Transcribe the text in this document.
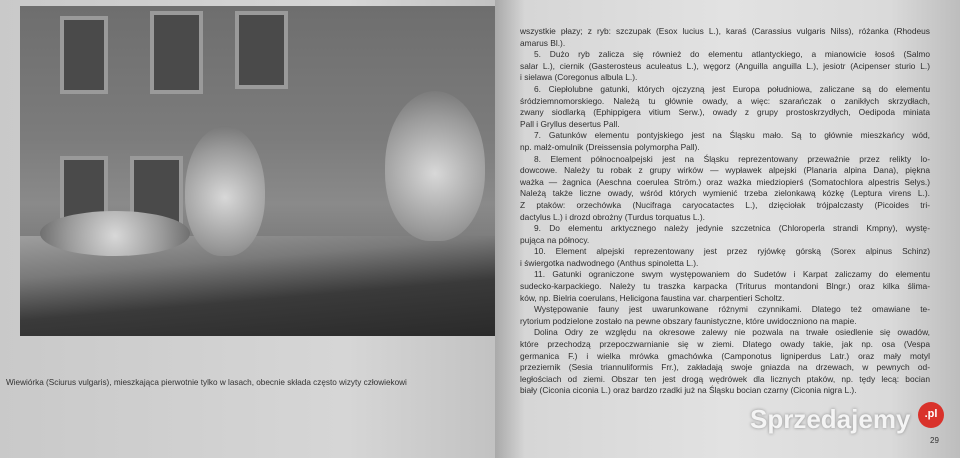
Wiewiórka (Sciurus vulgaris), mieszkająca pierwotnie tylko w lasach, obecnie składa często wizyty człowiekowi
wszystkie płazy; z ryb: szczupak (Esox lucius L.), karaś (Carassius vulgaris Nilss), różanka (Rhodeus
amarus Bl.).
5. Dużo ryb zalicza się również do elementu atlantyckiego, a mianowicie łosoś (Salmo
salar L.), ciernik (Gasterosteus aculeatus L.), węgorz (Anguilla anguilla L.), jesiotr (Acipenser sturio L.)
i sielawa (Coregonus albula L.).
6. Ciepłolubne gatunki, których ojczyzną jest Europa południowa, zaliczane są do elementu
śródziemnomorskiego. Należą tu głównie owady, a więc: szarańczak o zanikłych skrzydłach,
zwany siodlarką (Ephippigera vitium Serw.), owady z grupy prostoskrzydłych, Oedipoda miniata
Pall i Gryllus desertus Pall.
7. Gatunków elementu pontyjskiego jest na Śląsku mało. Są to głównie mieszkańcy wód,
np. małż-omulnik (Dreissensia polymorpha Pall).
8. Element północnoalpejski jest na Śląsku reprezentowany przeważnie przez relikty lo-
dowcowe. Należy tu robak z grupy wirków — wypławek alpejski (Planaria alpina Dana), piękna
ważka — żagnica (Aeschna coerulea Ström.) oraz ważka miedziopierś (Somatochlora alpestris Selys.)
Należą także liczne owady, wśród których wymienić trzeba zielonkawą kózkę (Leptura virens L.).
Z ptaków: orzechówka (Nucifraga caryocatactes L.), dzięciołak trójpalczasty (Picoides tri-
dactylus L.) i drozd obrożny (Turdus torquatus L.).
9. Do elementu arktycznego należy jedynie szczetnica (Chloroperla strandi Kmpny), wystę-
pująca na północy.
10. Element alpejski reprezentowany jest przez ryjówkę górską (Sorex alpinus Schinz)
i świergotka nadwodnego (Anthus spinoletta L.).
11. Gatunki ograniczone swym występowaniem do Sudetów i Karpat zaliczamy do elementu
sudecko-karpackiego. Należy tu traszka karpacka (Triturus montandoni Blngr.) oraz kilka ślima-
ków, np. Bielria coerulans, Helicigona faustina var. charpentieri Scholtz.
Występowanie fauny jest uwarunkowane różnymi czynnikami. Dlatego też omawiane te-
rytorium podzielone zostało na pewne obszary faunistyczne, które uwidoczniono na mapie.
Dolina Odry ze względu na okresowe zalewy nie pozwala na trwałe osiedlenie się owadów,
które przechodzą przepoczwarnianie się w ziemi. Dlatego owady takie, jak np. osa (Vespa
germanica F.) i wielka mrówka gmachówka (Camponotus ligniperdus Latr.) oraz mały motyl
przeziernik (Sesia triannuliformis Frr.), zakładają swoje gniazda na drzewach, w pewnych od-
ległościach od ziemi. Obszar ten jest drogą wędrówek dla licznych ptaków, np. tędy lecą: bocian
biały (Ciconia ciconia L.) oraz bardzo rzadki już na Śląsku bocian czarny (Ciconia nigra L.).
Sprzedajemy	.pl
29
